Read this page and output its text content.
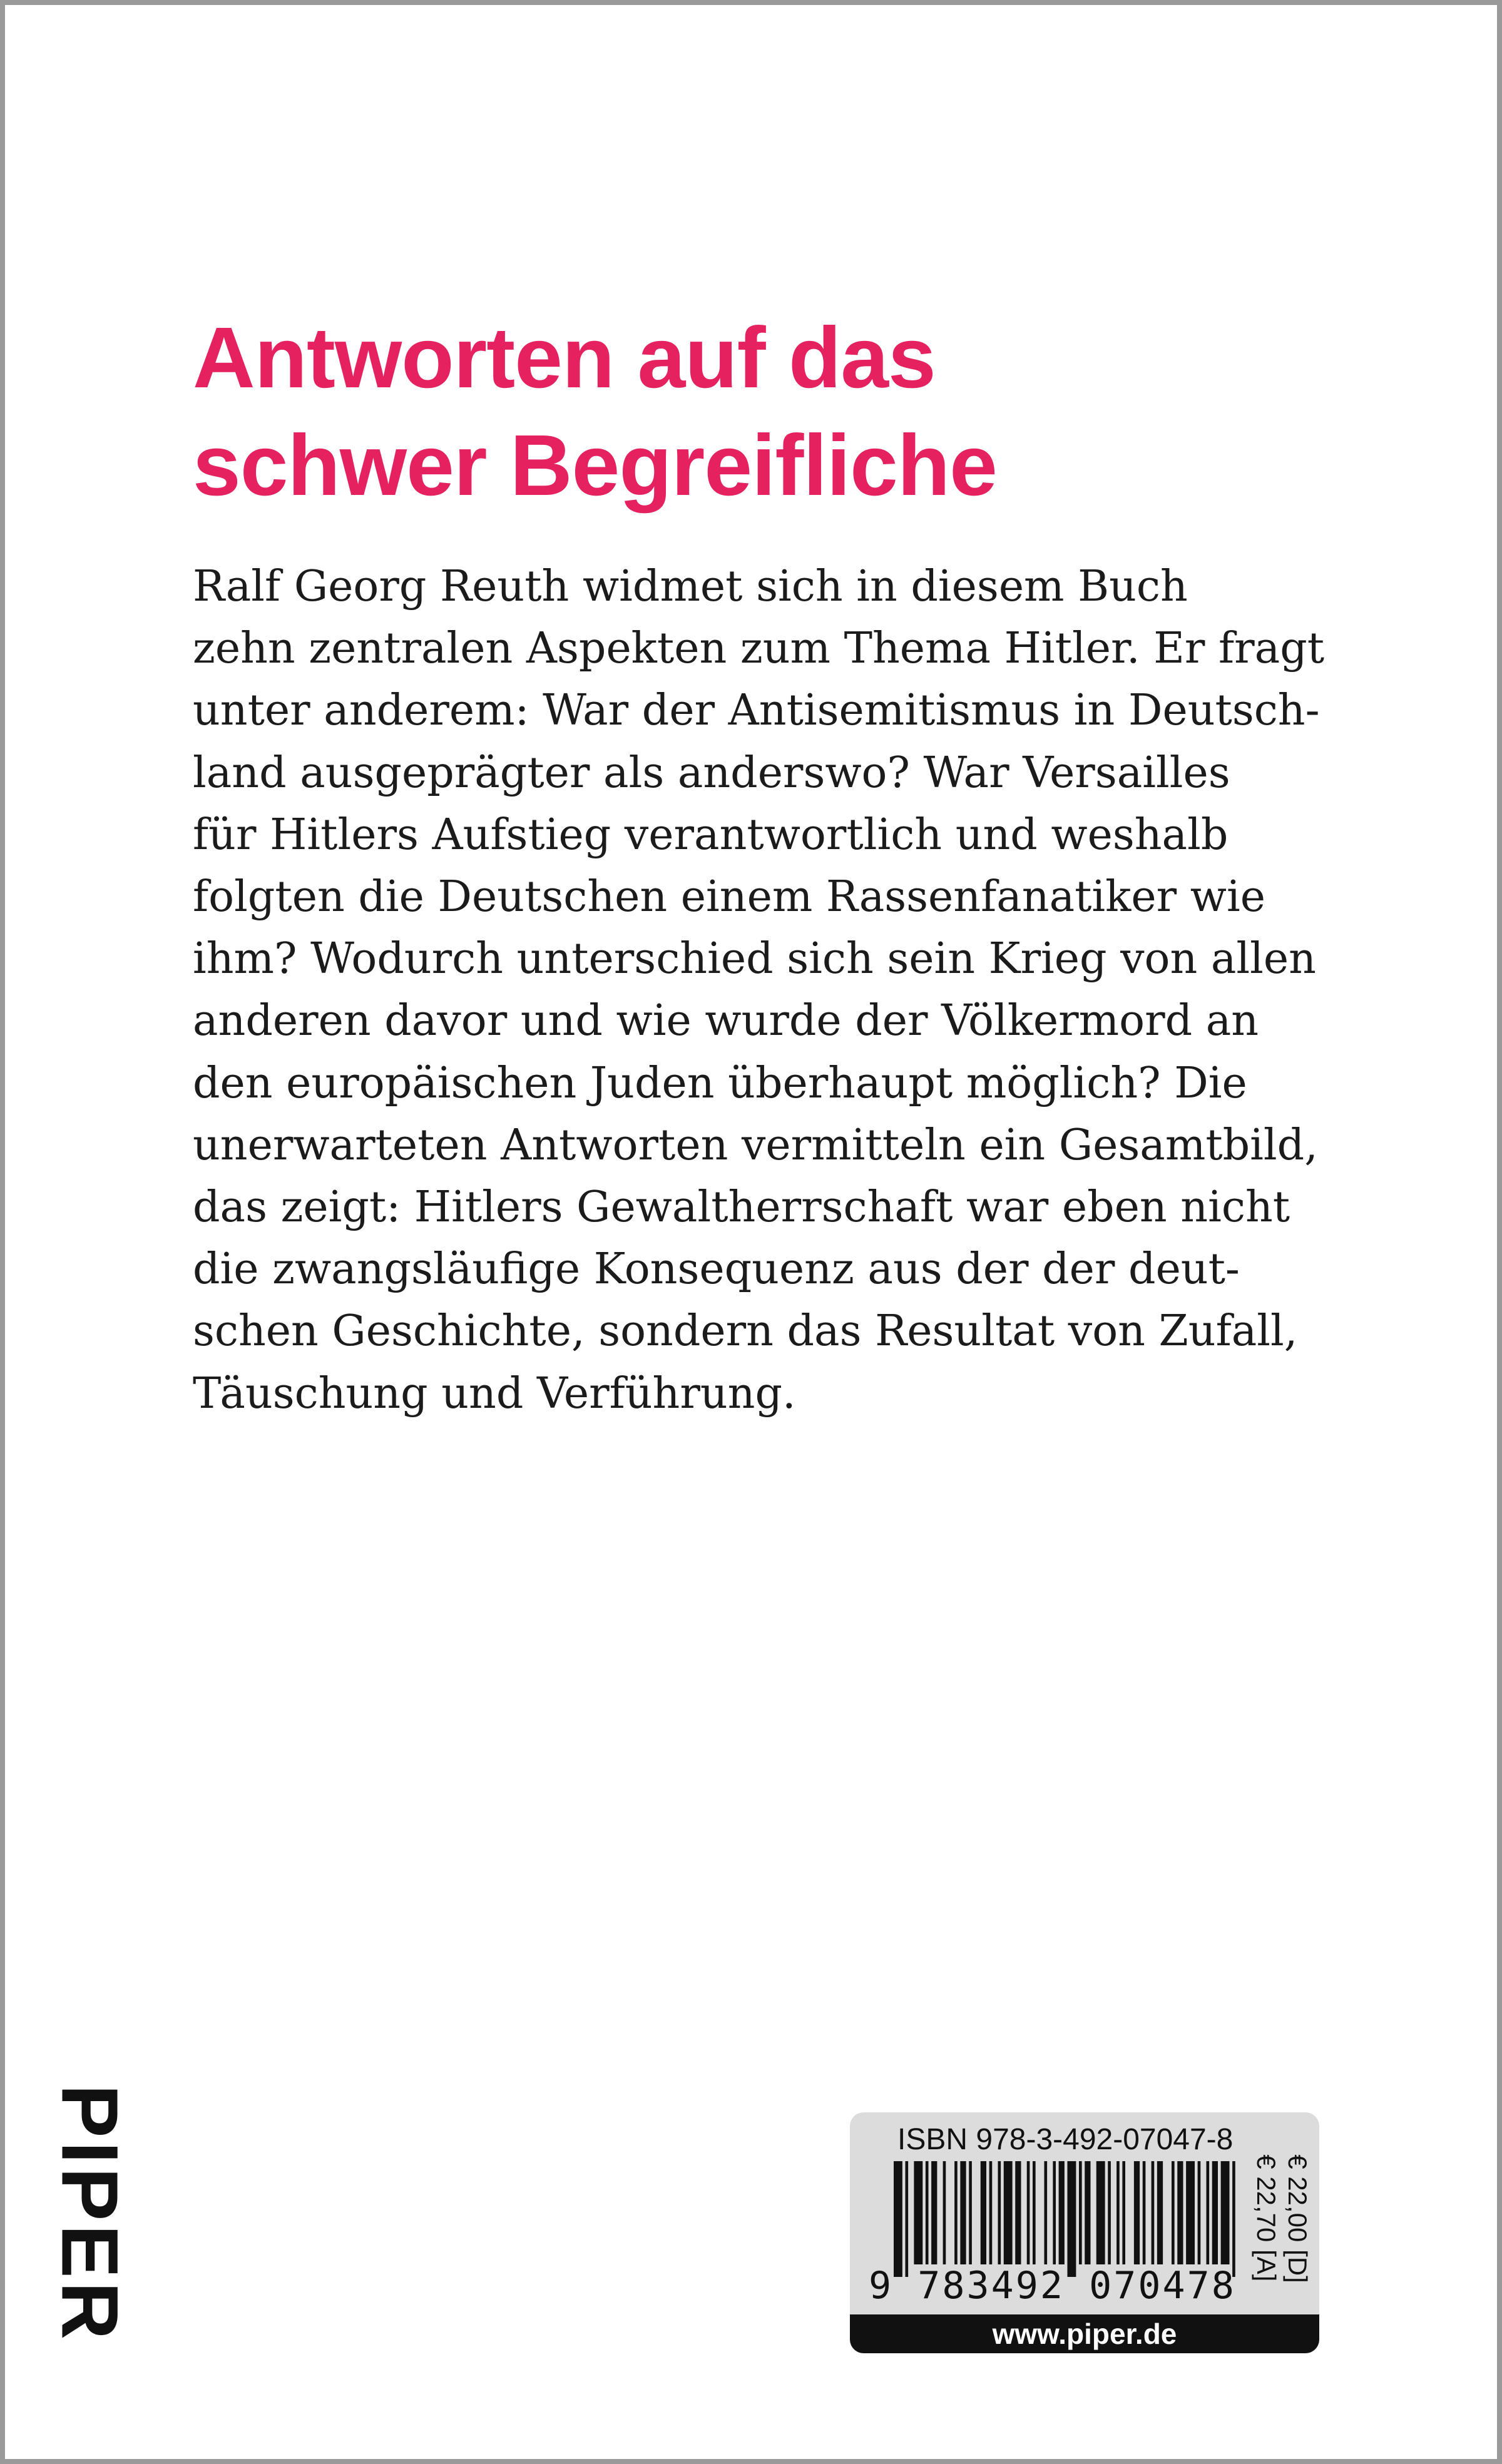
Antworten auf das
schwer Begreifliche
Ralf Georg Reuth widmet sich in diesem Buch
zehn zentralen Aspekten zum Thema Hitler. Er fragt
unter anderem: War der Antisemitismus in Deutsch-
land ausgeprägter als anderswo? War Versailles
für Hitlers Aufstieg verantwortlich und weshalb
folgten die Deutschen einem Rassenfanatiker wie
ihm? Wodurch unterschied sich sein Krieg von allen
anderen davor und wie wurde der Völkermord an
den europäischen Juden überhaupt möglich? Die
unerwarteten Antworten vermitteln ein Gesamtbild,
das zeigt: Hitlers Gewaltherrschaft war eben nicht
die zwangsläufige Konsequenz aus der der deut-
schen Geschichte, sondern das Resultat von Zufall,
Täuschung und Verführung.
PIPER	ISBN 978-3-492-07047-8
9 783492 070478
€ 22,00 [D]
€ 22,70 [A]
www.piper.de
